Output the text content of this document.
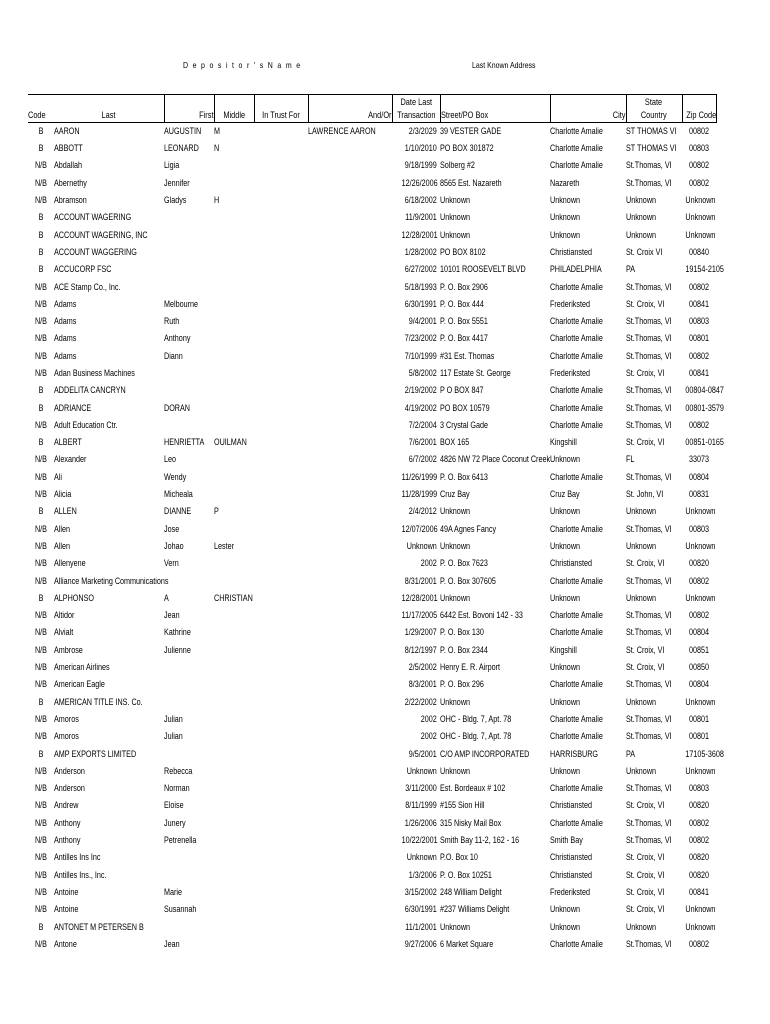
D e p o s i t o r ' s N a m e	Last Known Address
						Date Last			State	
Code	Last	First	Middle	In Trust For	And/Or	Transaction	Street/PO Box	City	Country	Zip Code
B	AARON	AUGUSTIN	M		LAWRENCE AARON	2/3/2029	39 VESTER GADE	Charlotte Amalie	ST THOMAS VI	00802
B	ABBOTT	LEONARD	N			1/10/2010	PO BOX 301872	Charlotte Amalie	ST THOMAS VI	00803
N/B	Abdallah	Ligia				9/18/1999	Solberg #2	Charlotte Amalie	St.Thomas, VI	00802
N/B	Abernethy	Jennifer				12/26/2006	8565 Est. Nazareth	Nazareth	St.Thomas, VI	00802
N/B	Abramson	Gladys	H			6/18/2002	Unknown	Unknown	Unknown	Unknown
B	ACCOUNT WAGERING					11/9/2001	Unknown	Unknown	Unknown	Unknown
B	ACCOUNT WAGERING, INC					12/28/2001	Unknown	Unknown	Unknown	Unknown
B	ACCOUNT WAGGERING					1/28/2002	PO BOX 8102	Christiansted	St. Croix VI	00840
B	ACCUCORP FSC					6/27/2002	10101 ROOSEVELT BLVD	PHILADELPHIA	PA	19154-2105
N/B	ACE Stamp Co., Inc.					5/18/1993	P. O. Box 2906	Charlotte Amalie	St.Thomas, VI	00802
N/B	Adams	Melbourne				6/30/1991	P. O. Box 444	Frederiksted	St. Croix, VI	00841
N/B	Adams	Ruth				9/4/2001	P. O. Box 5551	Charlotte Amalie	St.Thomas, VI	00803
N/B	Adams	Anthony				7/23/2002	P. O. Box 4417	Charlotte Amalie	St.Thomas, VI	00801
N/B	Adams	Diann				7/10/1999	#31 Est. Thomas	Charlotte Amalie	St.Thomas, VI	00802
N/B	Adan Business Machines					5/8/2002	117 Estate St. George	Frederiksted	St. Croix, VI	00841
B	ADDELITA CANCRYN					2/19/2002	P O BOX 847	Charlotte Amalie	St.Thomas, VI	00804-0847
B	ADRIANCE	DORAN				4/19/2002	PO BOX 10579	Charlotte Amalie	St.Thomas, VI	00801-3579
N/B	Adult Education Ctr.					7/2/2004	3 Crystal Gade	Charlotte Amalie	St.Thomas, VI	00802
B	ALBERT	HENRIETTA	OUILMAN			7/6/2001	BOX 165	Kingshill	St. Croix, VI	00851-0165
N/B	Alexander	Leo				6/7/2002	4826 NW 72 Place Coconut Creek	Unknown	FL	33073
N/B	Ali	Wendy				11/26/1999	P. O. Box 6413	Charlotte Amalie	St.Thomas, VI	00804
N/B	Alicia	Micheala				11/28/1999	Cruz Bay	Cruz Bay	St. John, VI	00831
B	ALLEN	DIANNE	P			2/4/2012	Unknown	Unknown	Unknown	Unknown
N/B	Allen	Jose				12/07/2006	49A Agnes Fancy	Charlotte Amalie	St.Thomas, VI	00803
N/B	Allen	Johao	Lester			Unknown	Unknown	Unknown	Unknown	Unknown
N/B	Allenyene	Vern				2002	P. O. Box 7623	Christiansted	St. Croix, VI	00820
N/B	Alliance Marketing Communications					8/31/2001	P. O. Box 307605	Charlotte Amalie	St.Thomas, VI	00802
B	ALPHONSO	A	CHRISTIAN			12/28/2001	Unknown	Unknown	Unknown	Unknown
N/B	Altidor	Jean				11/17/2005	6442 Est. Bovoni 142 - 33	Charlotte Amalie	St.Thomas, VI	00802
N/B	Alvialt	Kathrine				1/29/2007	P. O. Box 130	Charlotte Amalie	St.Thomas, VI	00804
N/B	Ambrose	Julienne				8/12/1997	P. O. Box 2344	Kingshill	St. Croix, VI	00851
N/B	American Airlines					2/5/2002	Henry E. R. Airport	Unknown	St. Croix, VI	00850
N/B	American Eagle					8/3/2001	P. O. Box 296	Charlotte Amalie	St.Thomas, VI	00804
B	AMERICAN TITLE INS. Co.					2/22/2002	Unknown	Unknown	Unknown	Unknown
N/B	Amoros	Julian				2002	OHC - Bldg. 7, Apt. 78	Charlotte Amalie	St.Thomas, VI	00801
N/B	Amoros	Julian				2002	OHC - Bldg. 7, Apt. 78	Charlotte Amalie	St.Thomas, VI	00801
B	AMP EXPORTS LIMITED					9/5/2001	C/O AMP INCORPORATED	HARRISBURG	PA	17105-3608
N/B	Anderson	Rebecca				Unknown	Unknown	Unknown	Unknown	Unknown
N/B	Anderson	Norman				3/11/2000	Est. Bordeaux # 102	Charlotte Amalie	St.Thomas, VI	00803
N/B	Andrew	Eloise				8/11/1999	#155 Sion Hill	Christiansted	St. Croix, VI	00820
N/B	Anthony	Junery				1/26/2006	315 Nisky Mail Box	Charlotte Amalie	St.Thomas, VI	00802
N/B	Anthony	Petrenella				10/22/2001	Smith Bay 11-2, 162 - 16	Smith Bay	St.Thomas, VI	00802
N/B	Antilles Ins Inc					Unknown	P.O. Box 10	Christiansted	St. Croix, VI	00820
N/B	Antilles Ins., Inc.					1/3/2006	P. O. Box 10251	Christiansted	St. Croix, VI	00820
N/B	Antoine	Marie				3/15/2002	248 William Delight	Frederiksted	St. Croix, VI	00841
N/B	Antoine	Susannah				6/30/1991	#237 Williams Delight	Unknown	St. Croix, VI	Unknown
B	ANTONET M PETERSEN B					11/1/2001	Unknown	Unknown	Unknown	Unknown
N/B	Antone	Jean				9/27/2006	6 Market Square	Charlotte Amalie	St.Thomas, VI	00802
